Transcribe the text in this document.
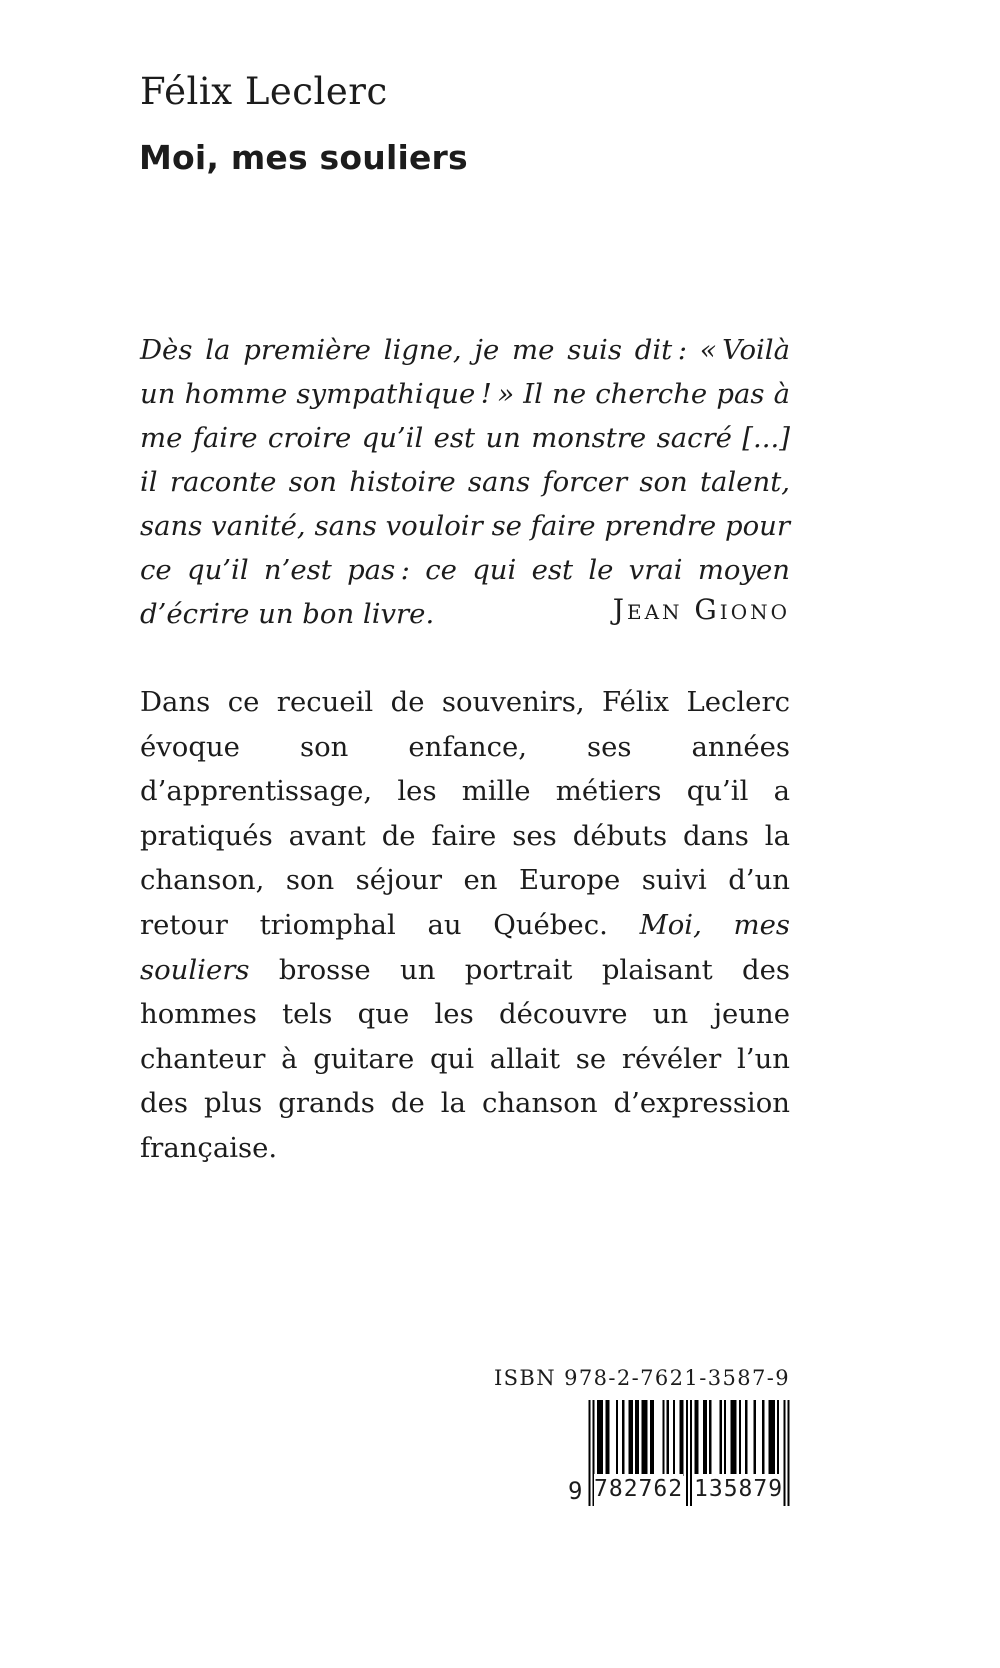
Félix Leclerc
Moi, mes souliers
Dès la première ligne, je me suis dit : « Voilà un homme sympathique ! » Il ne cherche pas à me faire croire qu’il est un monstre sacré [...] il raconte son histoire sans forcer son talent, sans vanité, sans vouloir se faire prendre pour ce qu’il n’est pas : ce qui est le vrai moyen d’écrire un bon livre.	Jean Giono
Dans ce recueil de souvenirs, Félix Leclerc évoque son enfance, ses années d’apprentissage, les mille métiers qu’il a pratiqués avant de faire ses débuts dans la chanson, son séjour en Europe suivi d’un retour triomphal au Québec. Moi, mes souliers brosse un portrait plaisant des hommes tels que les découvre un jeune chanteur à guitare qui allait se révéler l’un des plus grands de la chanson d’expression française.
ISBN 978-2-7621-3587-9
9 782762 135879
